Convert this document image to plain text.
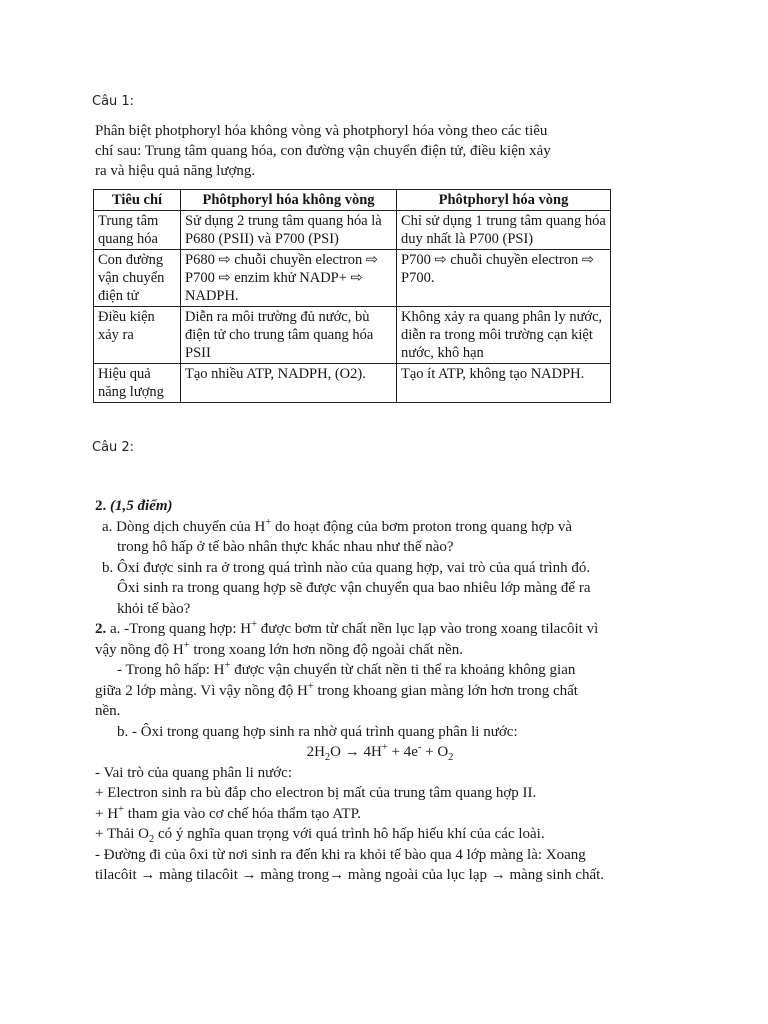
Câu 1:
Phân biệt photphoryl hóa không vòng và photphoryl hóa vòng theo các tiêu chí sau: Trung tâm quang hóa, con đường vận chuyển điện tử, điều kiện xảy ra và hiệu quả năng lượng.
Tiêu chí	Phôtphoryl hóa không vòng	Phôtphoryl hóa vòng
Trung tâm quang hóa	Sử dụng 2 trung tâm quang hóa là P680 (PSII) và P700 (PSI)	Chỉ sử dụng 1 trung tâm quang hóa duy nhất là P700 (PSI)
Con đường vận chuyển điện tử	P680 ⇨ chuỗi chuyền electron ⇨ P700 ⇨ enzim khử NADP+ ⇨ NADPH.	P700 ⇨ chuỗi chuyền electron ⇨ P700.
Điều kiện xảy ra	Diễn ra môi trường đủ nước, bù điện tử cho trung tâm quang hóa PSII	Không xảy ra quang phân ly nước, diễn ra trong môi trường cạn kiệt nước, khô hạn
Hiệu quả năng lượng	Tạo nhiều ATP, NADPH, (O2).	Tạo ít ATP, không tạo NADPH.
Câu 2:

2. (1,5 điểm)

a. Dòng dịch chuyển của H+ do hoạt động của bơm proton trong quang hợp và trong hô hấp ở tế bào nhân thực khác nhau như thế nào?

b. Ôxi được sinh ra ở trong quá trình nào của quang hợp, vai trò của quá trình đó. Ôxi sinh ra trong quang hợp sẽ được vận chuyển qua bao nhiêu lớp màng để ra khỏi tế bào?

2. a. -Trong quang hợp: H+ được bơm từ chất nền lục lạp vào trong xoang tilacôit vì vậy nồng độ H+ trong xoang lớn hơn nồng độ ngoài chất nền.

- Trong hô hấp: H+ được vận chuyển từ chất nền ti thể ra khoảng không gian giữa 2 lớp màng. Vì vậy nồng độ H+ trong khoang gian màng lớn hơn trong chất nền.

b. - Ôxi trong quang hợp sinh ra nhờ quá trình quang phân li nước:

$2H_2O \to 4H^+ + 4e^- + O_2$

- Vai trò của quang phân li nước:

+ Electron sinh ra bù đắp cho electron bị mất của trung tâm quang hợp II.

+ H+ tham gia vào cơ chế hóa thẩm tạo ATP.

+ Thải $O_2$ có ý nghĩa quan trọng với quá trình hô hấp hiếu khí của các loài.

- Đường đi của ôxi từ nơi sinh ra đến khi ra khỏi tế bào qua 4 lớp màng là: Xoang tilacôit → màng tilacôit → màng trong→ màng ngoài của lục lạp → màng sinh chất.
